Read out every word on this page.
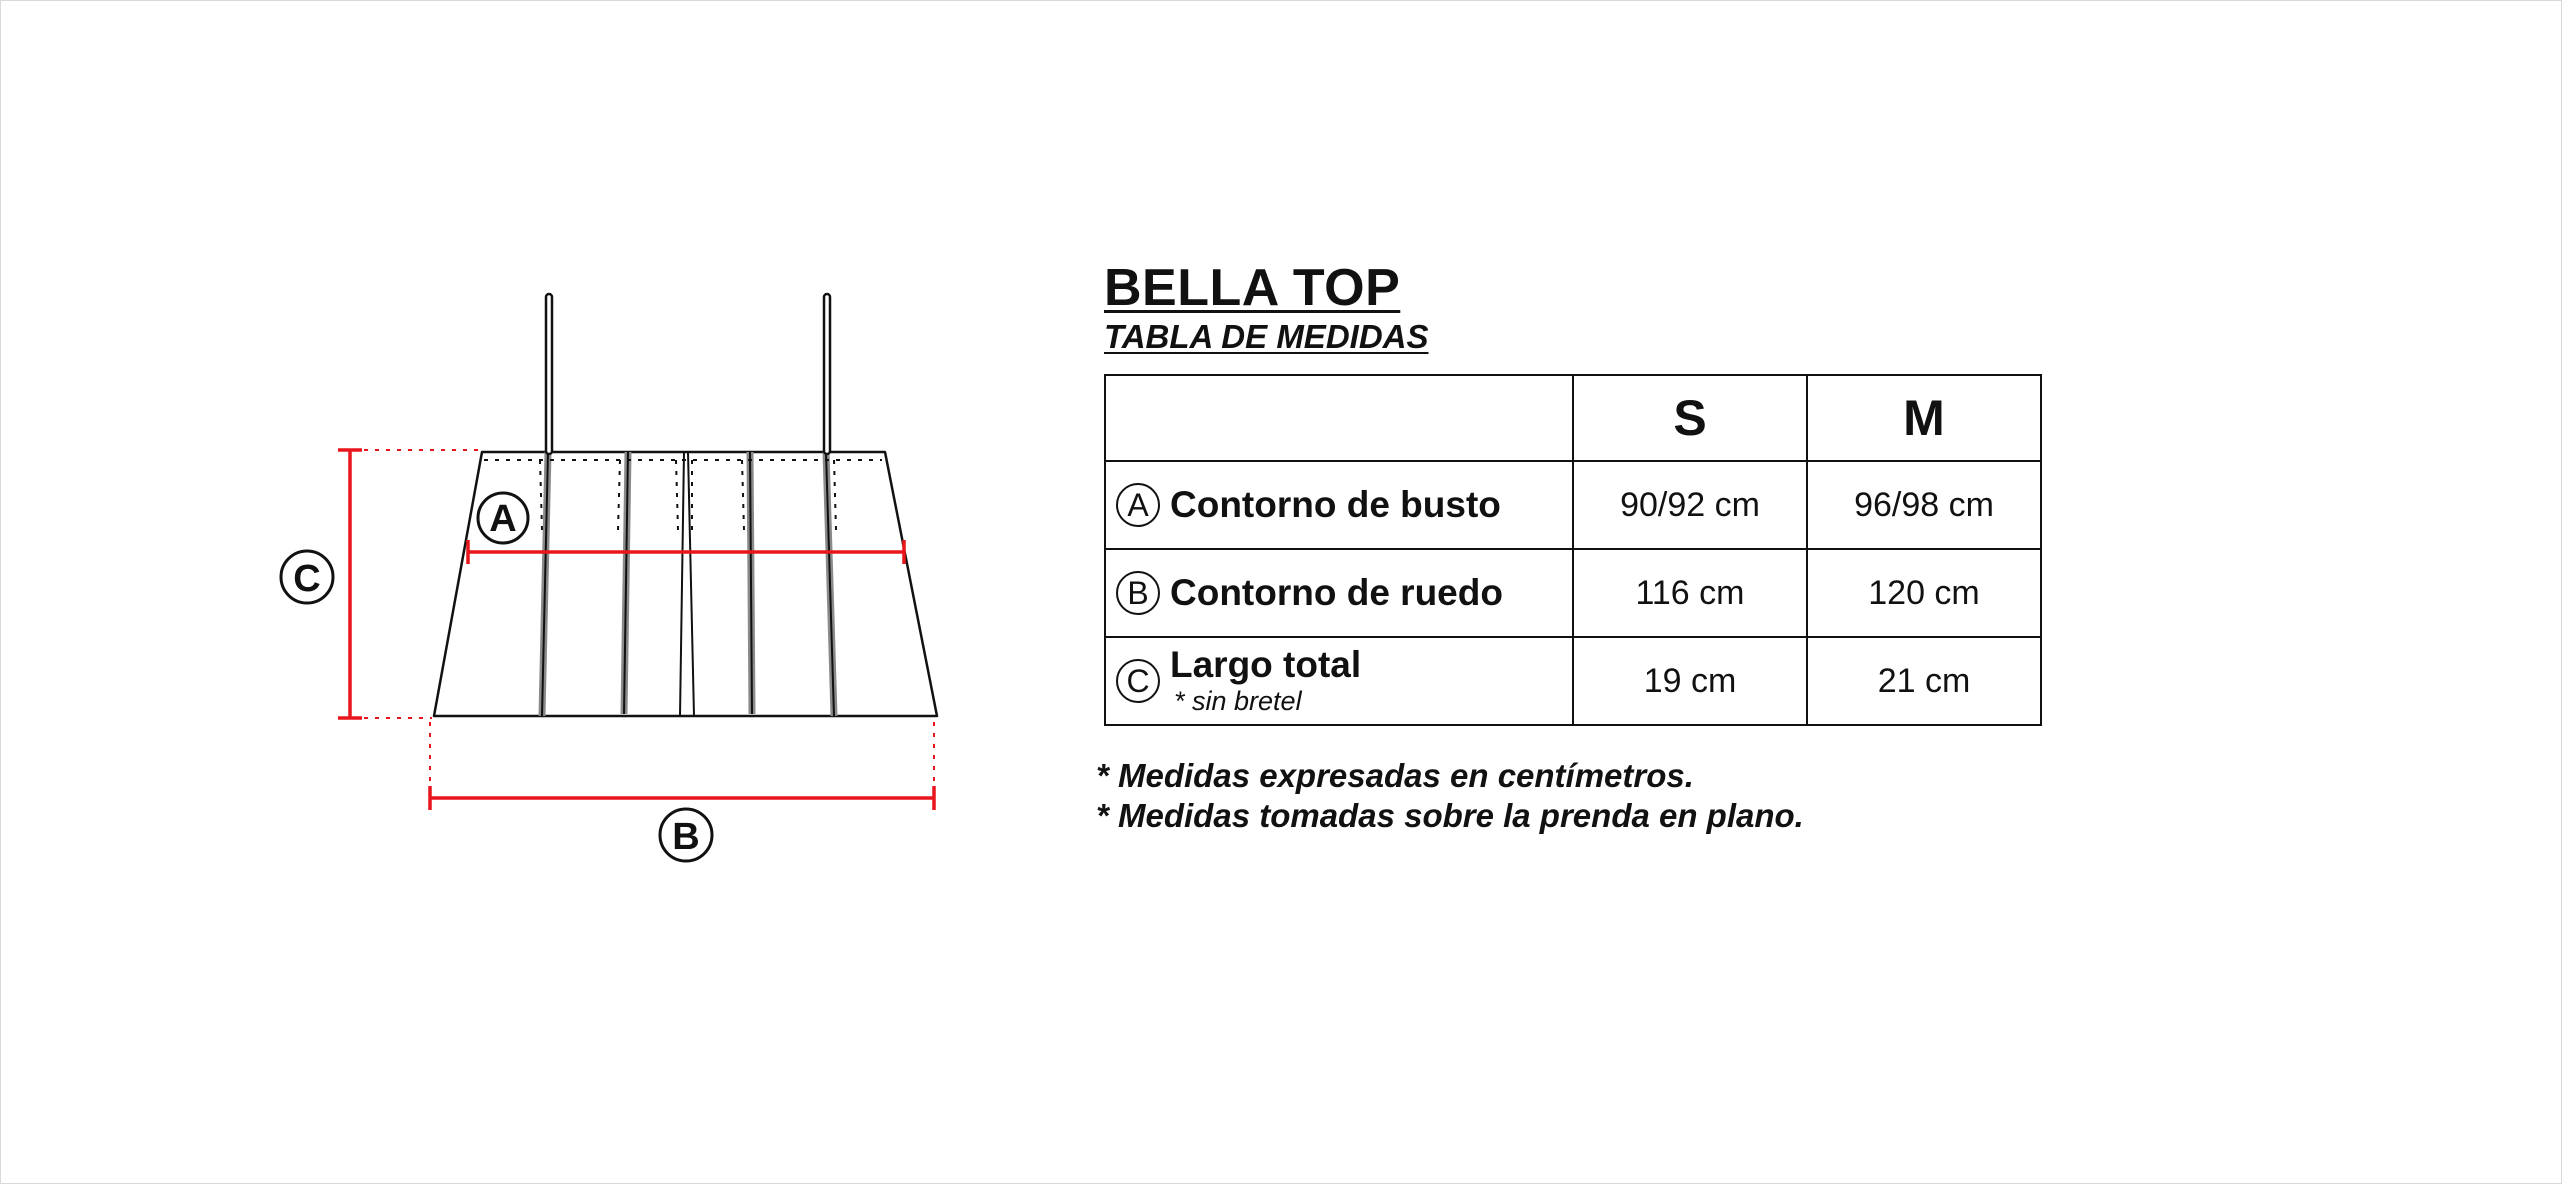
A
B
C
BELLA TOP
TABLA DE MEDIDAS
	S	M

A Contorno de busto	90/92 cm	96/98 cm

B Contorno de ruedo	116 cm	120 cm

C Largo total
* sin bretel	19 cm	21 cm
* Medidas expresadas en centímetros.
* Medidas tomadas sobre la prenda en plano.
